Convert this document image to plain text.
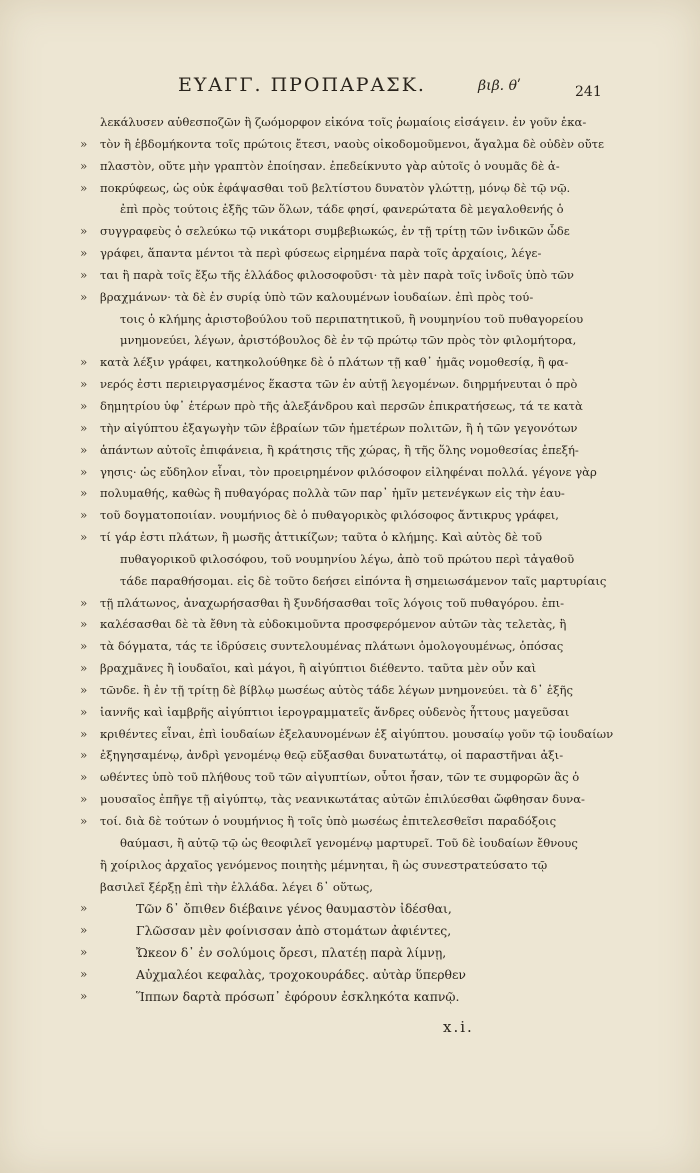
ΕΥΑΓΓ. ΠΡΟΠΑΡΑΣΚ.	βιβ. θʹ	241
λεκάλυσεν αὐθεσποζῶν ἢ ζωόμορφον εἰκόνα τοῖς ῥωμαίοις εἰσάγειν. ἐν γοῦν ἑκα-
»	τὸν ἢ ἑβδομήκοντα τοῖς πρώτοις ἔτεσι, ναοὺς οἰκοδομοῦμενοι, ἄγαλμα δὲ οὐδὲν οὔτε
»	πλαστὸν, οὔτε μὴν γραπτὸν ἐποίησαν. ἐπεδείκνυτο γὰρ αὐτοῖς ὁ νουμᾶς δὲ ἀ-
»	ποκρύφεως, ὡς οὐκ ἐφάψασθαι τοῦ βελτίστου δυνατὸν γλώττῃ, μόνῳ δὲ τῷ νῷ.
ἐπὶ πρὸς τούτοις ἑξῆς τῶν ὅλων, τάδε φησί, φανερώτατα δὲ μεγαλοθενής ὁ
»	συγγραφεὺς ὁ σελεύκω τῷ νικάτορι συμβεβιωκώς, ἐν τῇ τρίτῃ τῶν ἰνδικῶν ὧδε
»	γράφει, ἅπαντα μέντοι τὰ περὶ φύσεως εἰρημένα παρὰ τοῖς ἀρχαίοις, λέγε-
»	ται ἢ παρὰ τοῖς ἔξω τῆς ἑλλάδος φιλοσοφοῦσι· τὰ μὲν παρὰ τοῖς ἰνδοῖς ὑπὸ τῶν
»	βραχμάνων· τὰ δὲ ἐν συρίᾳ ὑπὸ τῶν καλουμένων ἰουδαίων. ἐπὶ πρὸς τού-
τοις ὁ κλήμης ἀριστοβούλου τοῦ περιπατητικοῦ, ἢ νουμηνίου τοῦ πυθαγορείου
μνημονεύει, λέγων, ἀριστόβουλος δὲ ἐν τῷ πρώτῳ τῶν πρὸς τὸν φιλομήτορα,
»	κατὰ λέξιν γράφει, κατηκολούθηκε δὲ ὁ πλάτων τῇ καθ᾽ ἡμᾶς νομοθεσίᾳ, ἢ φα-
»	νερός ἐστι περιειργασμένος ἕκαστα τῶν ἐν αὐτῇ λεγομένων. διηρμήνευται ὁ πρὸ
»	δημητρίου ὑφ᾽ ἑτέρων πρὸ τῆς ἀλεξάνδρου καὶ περσῶν ἐπικρατήσεως, τά τε κατὰ
»	τὴν αἰγύπτου ἐξαγωγὴν τῶν ἑβραίων τῶν ἡμετέρων πολιτῶν, ἢ ἡ τῶν γεγονότων
»	ἁπάντων αὐτοῖς ἐπιφάνεια, ἢ κράτησις τῆς χώρας, ἢ τῆς ὅλης νομοθεσίας ἐπεξή-
»	γησις· ὡς εὔδηλον εἶναι, τὸν προειρημένον φιλόσοφον εἰληφέναι πολλά. γέγονε γὰρ
»	πολυμαθής, καθὼς ἢ πυθαγόρας πολλὰ τῶν παρ᾽ ἡμῖν μετενέγκων εἰς τὴν ἑαυ-
»	τοῦ δογματοποιίαν. νουμήνιος δὲ ὁ πυθαγορικὸς φιλόσοφος ἄντικρυς γράφει,
»	τί γάρ ἐστι πλάτων, ἢ μωσῆς ἀττικίζων; ταῦτα ὁ κλήμης. Καὶ αὐτὸς δὲ τοῦ
πυθαγορικοῦ φιλοσόφου, τοῦ νουμηνίου λέγω, ἀπὸ τοῦ πρώτου περὶ τἀγαθοῦ
τάδε παραθήσομαι. εἰς δὲ τοῦτο δεήσει εἰπόντα ἢ σημειωσάμενον ταῖς μαρτυρίαις
»	τῇ πλάτωνος, ἀναχωρήσασθαι ἢ ξυνδήσασθαι τοῖς λόγοις τοῦ πυθαγόρου. ἐπι-
»	καλέσασθαι δὲ τὰ ἔθνη τὰ εὐδοκιμοῦντα προσφερόμενον αὐτῶν τὰς τελετὰς, ἢ
»	τὰ δόγματα, τάς τε ἱδρύσεις συντελουμένας πλάτωνι ὁμολογουμένως, ὁπόσας
»	βραχμᾶνες ἢ ἰουδαῖοι, καὶ μάγοι, ἢ αἰγύπτιοι διέθεντο. ταῦτα μὲν οὖν καὶ
»	τῶνδε. ἢ ἐν τῇ τρίτῃ δὲ βίβλῳ μωσέως αὐτὸς τάδε λέγων μνημονεύει. τὰ δ᾽ ἑξῆς
»	ἰαννῆς καὶ ἰαμβρῆς αἰγύπτιοι ἱερογραμματεῖς ἄνδρες οὐδενὸς ἧττους μαγεῦσαι
»	κριθέντες εἶναι, ἐπὶ ἰουδαίων ἐξελαυνομένων ἐξ αἰγύπτου. μουσαίῳ γοῦν τῷ ἰουδαίων
»	ἐξηγησαμένῳ, ἀνδρὶ γενομένῳ θεῷ εὔξασθαι δυνατωτάτῳ, οἱ παραστῆναι ἀξι-
»	ωθέντες ὑπὸ τοῦ πλήθους τοῦ τῶν αἰγυπτίων, οὗτοι ἦσαν, τῶν τε συμφορῶν ἃς ὁ
»	μουσαῖος ἐπῆγε τῇ αἰγύπτῳ, τὰς νεανικωτάτας αὐτῶν ἐπιλύεσθαι ὤφθησαν δυνα-
»	τοί. διὰ δὲ τούτων ὁ νουμήνιος ἢ τοῖς ὑπὸ μωσέως ἐπιτελεσθεῖσι παραδόξοις
θαύμασι, ἢ αὐτῷ τῷ ὡς θεοφιλεῖ γενομένῳ μαρτυρεῖ. Τοῦ δὲ ἰουδαίων ἔθνους
ἢ χοίριλος ἀρχαῖος γενόμενος ποιητὴς μέμνηται, ἢ ὡς συνεστρατεύσατο τῷ
βασιλεῖ ξέρξῃ ἐπὶ τὴν ἑλλάδα. λέγει δ᾽ οὕτως,
»	Τῶν δ᾽ ὄπιθεν διέβαινε γένος θαυμαστὸν ἰδέσθαι,
»	Γλῶσσαν μὲν φοίνισσαν ἀπὸ στομάτων ἀφιέντες,
»	Ὤκεον δ᾽ ἐν σολύμοις ὄρεσι, πλατέῃ παρὰ λίμνῃ,
»	Αὐχμαλέοι κεφαλὰς, τροχοκουράδες. αὐτὰρ ὕπερθεν
»	Ἵππων δαρτὰ πρόσωπ᾽ ἐφόρουν ἐσκληκότα καπνῷ.
x.i.
